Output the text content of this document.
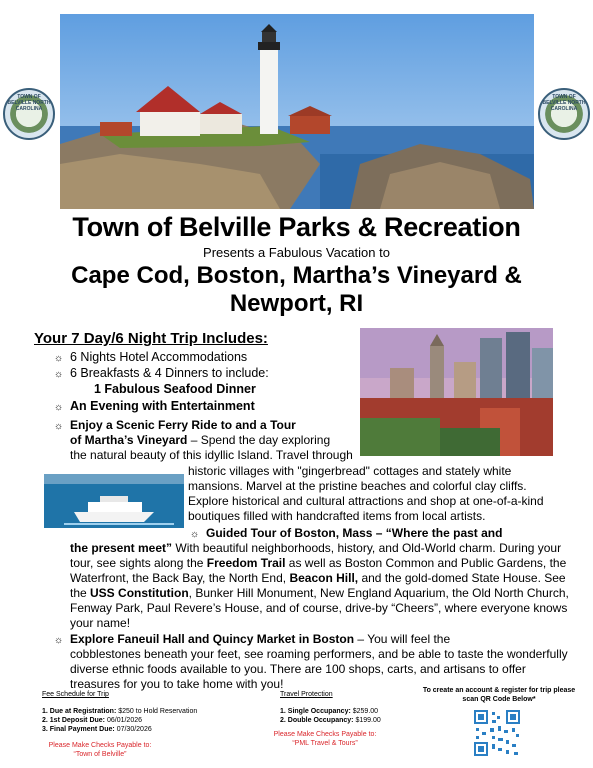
TOWN OF BELVILLE NORTH CAROLINA
TOWN OF BELVILLE NORTH CAROLINA
Town of Belville Parks & Recreation
Presents a Fabulous Vacation to
Cape Cod, Boston, Martha’s Vineyard &
Newport, RI
Your 7 Day/6 Night Trip Includes:
☼ 6 Nights Hotel Accommodations
☼ 6 Breakfasts & 4 Dinners to include:
1 Fabulous Seafood Dinner
☼ An Evening with Entertainment
☼ Enjoy a Scenic Ferry Ride to and a Tour
of Martha’s Vineyard – Spend the day exploring
the natural beauty of this idyllic Island. Travel through
historic villages with "gingerbread" cottages and stately white
mansions. Marvel at the pristine beaches and colorful clay cliffs.
Explore historical and cultural attractions and shop at one-of-a-kind
boutiques filled with handcrafted items from local artists.
☼ Guided Tour of Boston, Mass – “Where the past and
the present meet” With beautiful neighborhoods, history, and Old-World charm. During your
tour, see sights along the Freedom Trail as well as Boston Common and Public Gardens, the
Waterfront, the Back Bay, the North End, Beacon Hill, and the gold-domed State House. See
the USS Constitution, Bunker Hill Monument, New England Aquarium, the Old North Church,
Fenway Park, Paul Revere’s House, and of course, drive-by “Cheers”, where everyone knows
your name!
☼ Explore Faneuil Hall and Quincy Market in Boston – You will feel the
cobblestones beneath your feet, see roaming performers, and be able to taste the wonderfully
diverse ethnic foods available to you. There are 100 shops, carts, and artisans to offer
treasures for you to take home with you!
Fee Schedule for Trip
1. Due at Registration: $250 to Hold Reservation
2. 1st Deposit Due: 06/01/2026
3. Final Payment Due: 07/30/2026
Please Make Checks Payable to:
“Town of Belville”
Travel Protection
1. Single Occupancy: $259.00
2. Double Occupancy: $199.00
Please Make Checks Payable to:
“PML Travel & Tours”
To create an account & register for trip please
scan QR Code Below*
